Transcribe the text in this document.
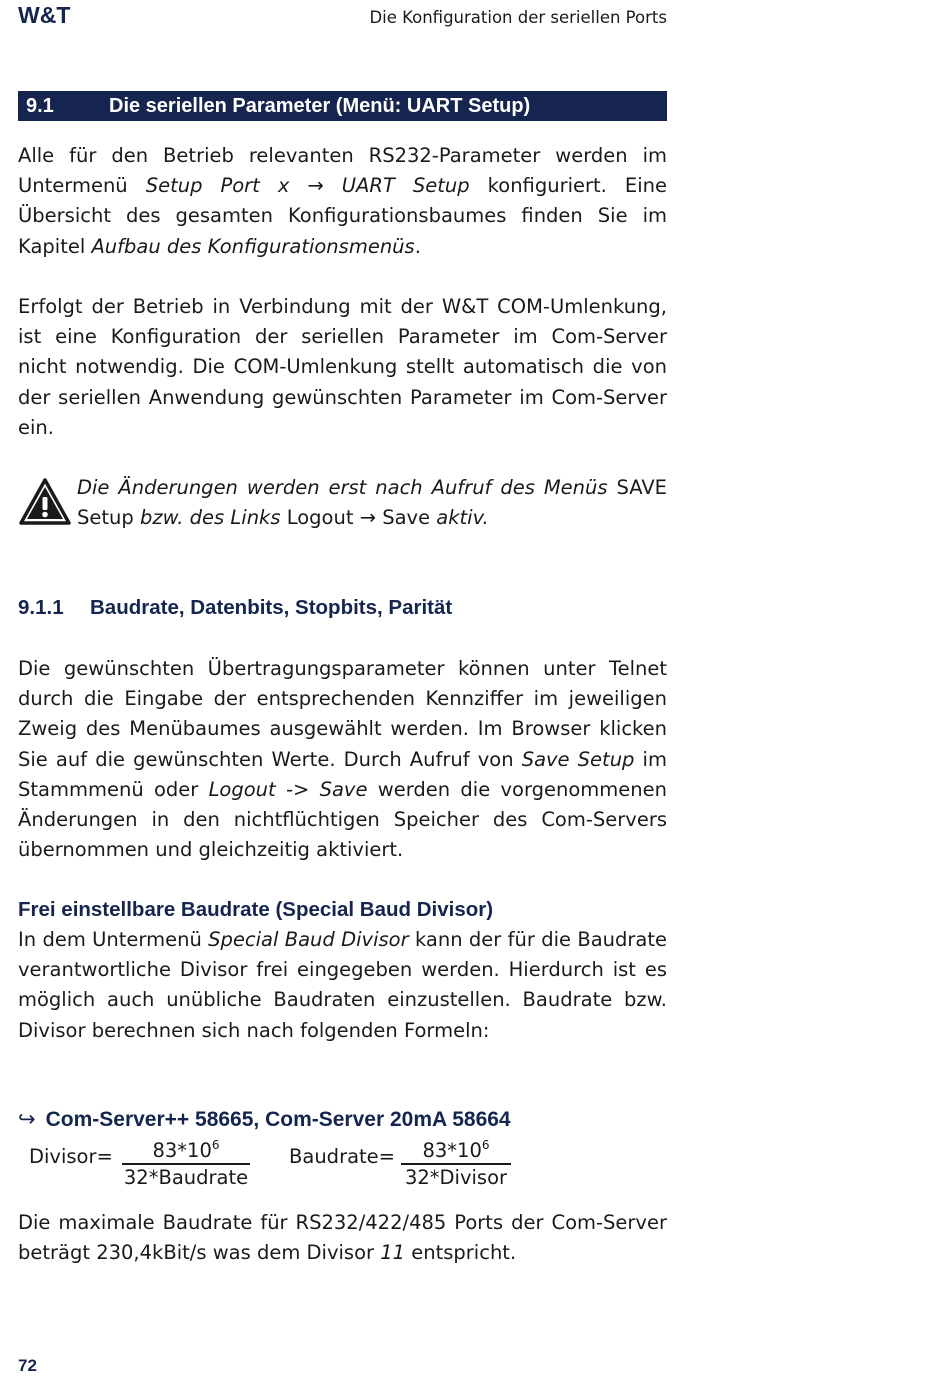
W&T	Die Konfiguration der seriellen Ports
9.1	Die seriellen Parameter (Menü: UART Setup)
Alle für den Betrieb relevanten RS232-Parameter werden im Untermenü Setup Port x → UART Setup konfiguriert. Eine Übersicht des gesamten Konfigurationsbaumes finden Sie im Kapitel Aufbau des Konfigurationsmenüs.
Erfolgt der Betrieb in Verbindung mit der W&T COM-Umlenkung, ist eine Konfiguration der seriellen Parameter im Com-Server nicht notwendig. Die COM-Umlenkung stellt automatisch die von der seriellen Anwendung gewünschten Parameter im Com-Server ein.
Die Änderungen werden erst nach Aufruf des Menüs SAVE Setup bzw. des Links Logout → Save aktiv.
9.1.1 Baudrate, Datenbits, Stopbits, Parität
Die gewünschten Übertragungsparameter können unter Telnet durch die Eingabe der entsprechenden Kennziffer im jeweiligen Zweig des Menübaumes ausgewählt werden. Im Browser klicken Sie auf die gewünschten Werte. Durch Aufruf von Save Setup im Stammmenü oder Logout -> Save werden die vorgenommenen Änderungen in den nichtflüchtigen Speicher des Com-Servers übernommen und gleichzeitig aktiviert.
Frei einstellbare Baudrate (Special Baud Divisor)
In dem Untermenü Special Baud Divisor kann der für die Baudrate verantwortliche Divisor frei eingegeben werden. Hierdurch ist es möglich auch unübliche Baudraten einzustellen. Baudrate bzw. Divisor berechnen sich nach folgenden Formeln:
↪ Com-Server++ 58665, Com-Server 20mA 58664
Divisor=	$83*10^6$
32*Baudrate
Baudrate=	$83*10^6$
32*Divisor
Die maximale Baudrate für RS232/422/485 Ports der Com-Server beträgt 230,4kBit/s was dem Divisor 11 entspricht.
72
